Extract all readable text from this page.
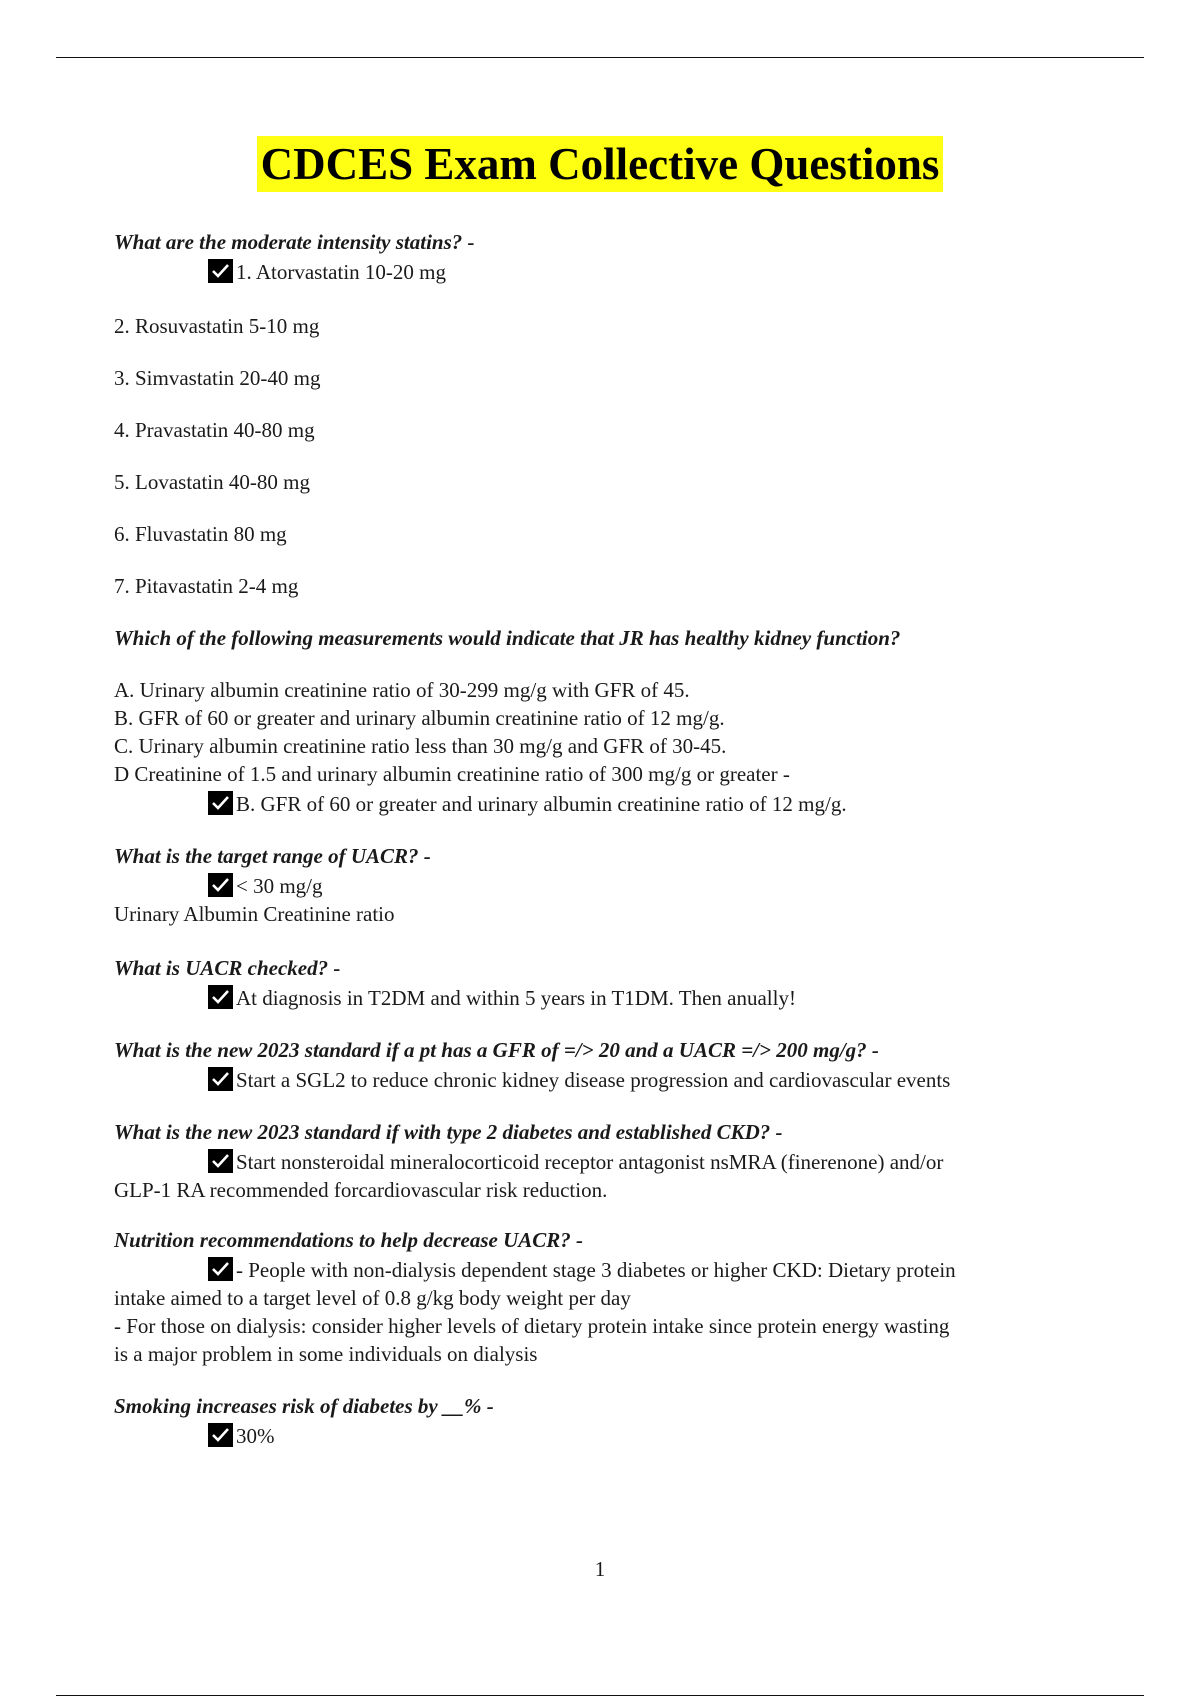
CDCES Exam Collective Questions

What are the moderate intensity statins? -

1. Atorvastatin 10-20 mg

2. Rosuvastatin 5-10 mg

3. Simvastatin 20-40 mg

4. Pravastatin 40-80 mg

5. Lovastatin 40-80 mg

6. Fluvastatin 80 mg

7. Pitavastatin 2-4 mg

Which of the following measurements would indicate that JR has healthy kidney function?

A. Urinary albumin creatinine ratio of 30-299 mg/g with GFR of 45.

B. GFR of 60 or greater and urinary albumin creatinine ratio of 12 mg/g.

C. Urinary albumin creatinine ratio less than 30 mg/g and GFR of 30-45.

D Creatinine of 1.5 and urinary albumin creatinine ratio of 300 mg/g or greater -

B. GFR of 60 or greater and urinary albumin creatinine ratio of 12 mg/g.

What is the target range of UACR? -

< 30 mg/g

Urinary Albumin Creatinine ratio

What is UACR checked? -

At diagnosis in T2DM and within 5 years in T1DM. Then anually!

What is the new 2023 standard if a pt has a GFR of =/> 20 and a UACR =/> 200 mg/g? -

Start a SGL2 to reduce chronic kidney disease progression and cardiovascular events

What is the new 2023 standard if with type 2 diabetes and established CKD? -

Start nonsteroidal mineralocorticoid receptor antagonist nsMRA (finerenone) and/or

GLP-1 RA recommended forcardiovascular risk reduction.

Nutrition recommendations to help decrease UACR? -

- People with non-dialysis dependent stage 3 diabetes or higher CKD: Dietary protein

intake aimed to a target level of 0.8 g/kg body weight per day

- For those on dialysis: consider higher levels of dietary protein intake since protein energy wasting

is a major problem in some individuals on dialysis

Smoking increases risk of diabetes by __% -

30%

1
